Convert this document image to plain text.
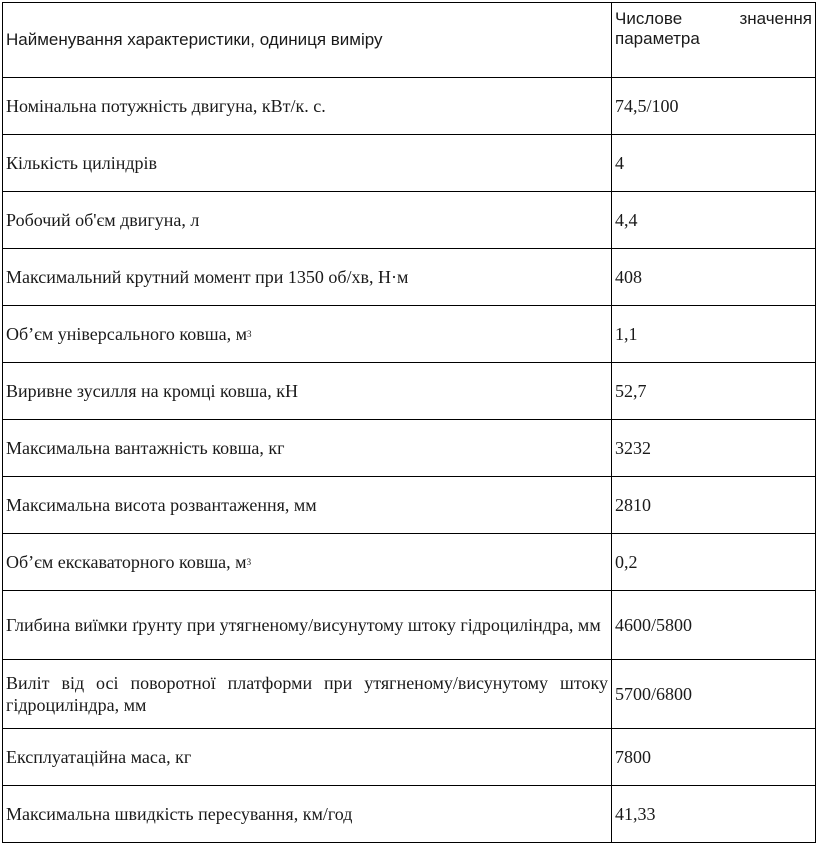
Найменування характеристики, одиниця виміру	Числове значення
параметра

Номінальна потужність двигуна, кВт/к. с.	74,5/100
Кількість циліндрів	4
Робочий об'єм двигуна, л	4,4
Максимальний крутний момент при 1350 об/хв, Н·м	408
Об’єм універсального ковша, $м^3$	1,1
Виривне зусилля на кромці ковша, кН	52,7
Максимальна вантажність ковша, кг	3232
Максимальна висота розвантаження, мм	2810
Об’єм екскаваторного ковша, $м^3$	0,2
Глибина виїмки ґрунту при утягненому/висунутому штоку гідроциліндра, мм	4600/5800
Виліт від осі поворотної платформи при утягненому/висунутому штоку гідроциліндра, мм	5700/6800
Експлуатаційна маса, кг	7800
Максимальна швидкість пересування, км/год	41,33
